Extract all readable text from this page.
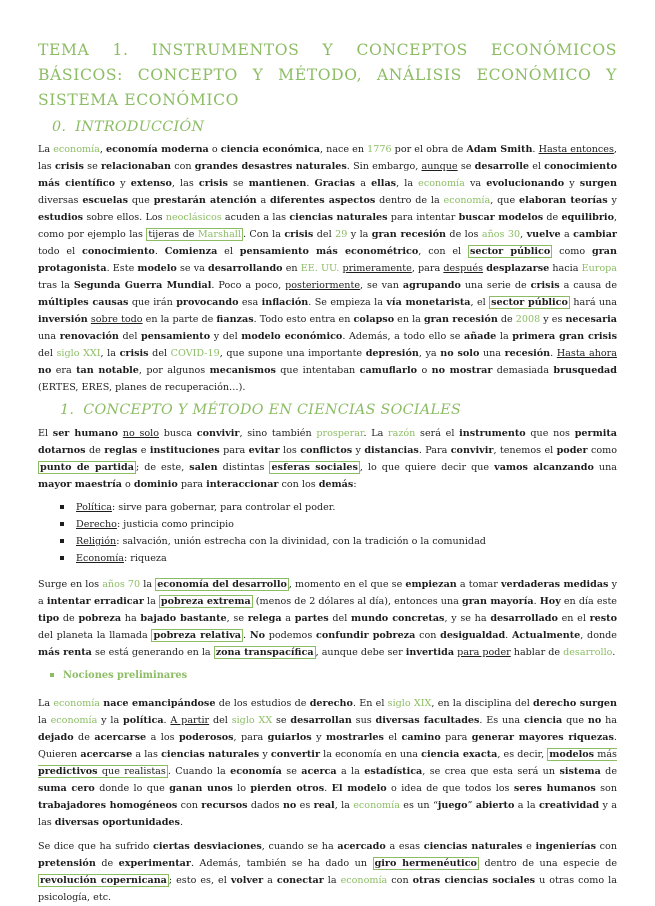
TEMA 1. INSTRUMENTOS Y CONCEPTOS ECONÓMICOS BÁSICOS: CONCEPTO Y MÉTODO, ANÁLISIS ECONÓMICO Y SISTEMA ECONÓMICO
0. INTRODUCCIÓN

La economía, economía moderna o ciencia económica, nace en 1776 por el obra de Adam Smith. Hasta entonces, las crisis se relacionaban con grandes desastres naturales. Sin embargo, aunque se desarrolle el conocimiento más científico y extenso, las crisis se mantienen. Gracias a ellas, la economía va evolucionando y surgen diversas escuelas que prestarán atención a diferentes aspectos dentro de la economía, que elaboran teorías y estudios sobre ellos. Los neoclásicos acuden a las ciencias naturales para intentar buscar modelos de equilibrio, como por ejemplo las tijeras de Marshall . Con la crisis del 29 y la gran recesión de los años 30, vuelve a cambiar todo el conocimiento. Comienza el pensamiento más econométrico, con el sector público como gran protagonista. Este modelo se va desarrollando en EE. UU. primeramente, para después desplazarse hacia Europa tras la Segunda Guerra Mundial. Poco a poco, posteriormente, se van agrupando una serie de crisis a causa de múltiples causas que irán provocando esa inflación. Se empieza la vía monetarista, el sector público hará una inversión sobre todo en la parte de fianzas. Todo esto entra en colapso en la gran recesión de 2008 y es necesaria una renovación del pensamiento y del modelo económico. Además, a todo ello se añade la primera gran crisis del siglo XXI, la crisis del COVID-19, que supone una importante depresión, ya no solo una recesión. Hasta ahora no era tan notable, por algunos mecanismos que intentaban camuflarlo o no mostrar demasiada brusquedad (ERTES, ERES, planes de recuperación…).

1. CONCEPTO Y MÉTODO EN CIENCIAS SOCIALES

El ser humano no solo busca convivir, sino también prosperar. La razón será el instrumento que nos permita dotarnos de reglas e instituciones para evitar los conflictos y distancias. Para convivir, tenemos el poder como punto de partida ; de este, salen distintas esferas sociales , lo que quiere decir que vamos alcanzando una mayor maestría o dominio para interaccionar con los demás:

Política: sirve para gobernar, para controlar el poder.
Derecho: justicia como principio
Religión: salvación, unión estrecha con la divinidad, con la tradición o la comunidad
Economía: riqueza

Surge en los años 70 la economía del desarrollo , momento en el que se empiezan a tomar verdaderas medidas y a intentar erradicar la pobreza extrema (menos de 2 dólares al día), entonces una gran mayoría. Hoy en día este tipo de pobreza ha bajado bastante, se relega a partes del mundo concretas, y se ha desarrollado en el resto del planeta la llamada pobreza relativa . No podemos confundir pobreza con desigualdad. Actualmente, donde más renta se está generando en la zona transpacífica , aunque debe ser invertida para poder hablar de desarrollo.

Nociones preliminares

La economía nace emancipándose de los estudios de derecho. En el siglo XIX, en la disciplina del derecho surgen la economía y la política. A partir del siglo XX se desarrollan sus diversas facultades. Es una ciencia que no ha dejado de acercarse a los poderosos, para guiarlos y mostrarles el camino para generar mayores riquezas. Quieren acercarse a las ciencias naturales y convertir la economía en una ciencia exacta, es decir, modelos más predictivos que realistas . Cuando la economía se acerca a la estadística, se crea que esta será un sistema de suma cero donde lo que ganan unos lo pierden otros. El modelo o idea de que todos los seres humanos son trabajadores homogéneos con recursos dados no es real, la economía es un “juego” abierto a la creatividad y a las diversas oportunidades.

Se dice que ha sufrido ciertas desviaciones, cuando se ha acercado a esas ciencias naturales e ingenierías con pretensión de experimentar. Además, también se ha dado un giro hermenéutico dentro de una especie de revolución copernicana ; esto es, el volver a conectar la economía con otras ciencias sociales u otras como la psicología, etc.
